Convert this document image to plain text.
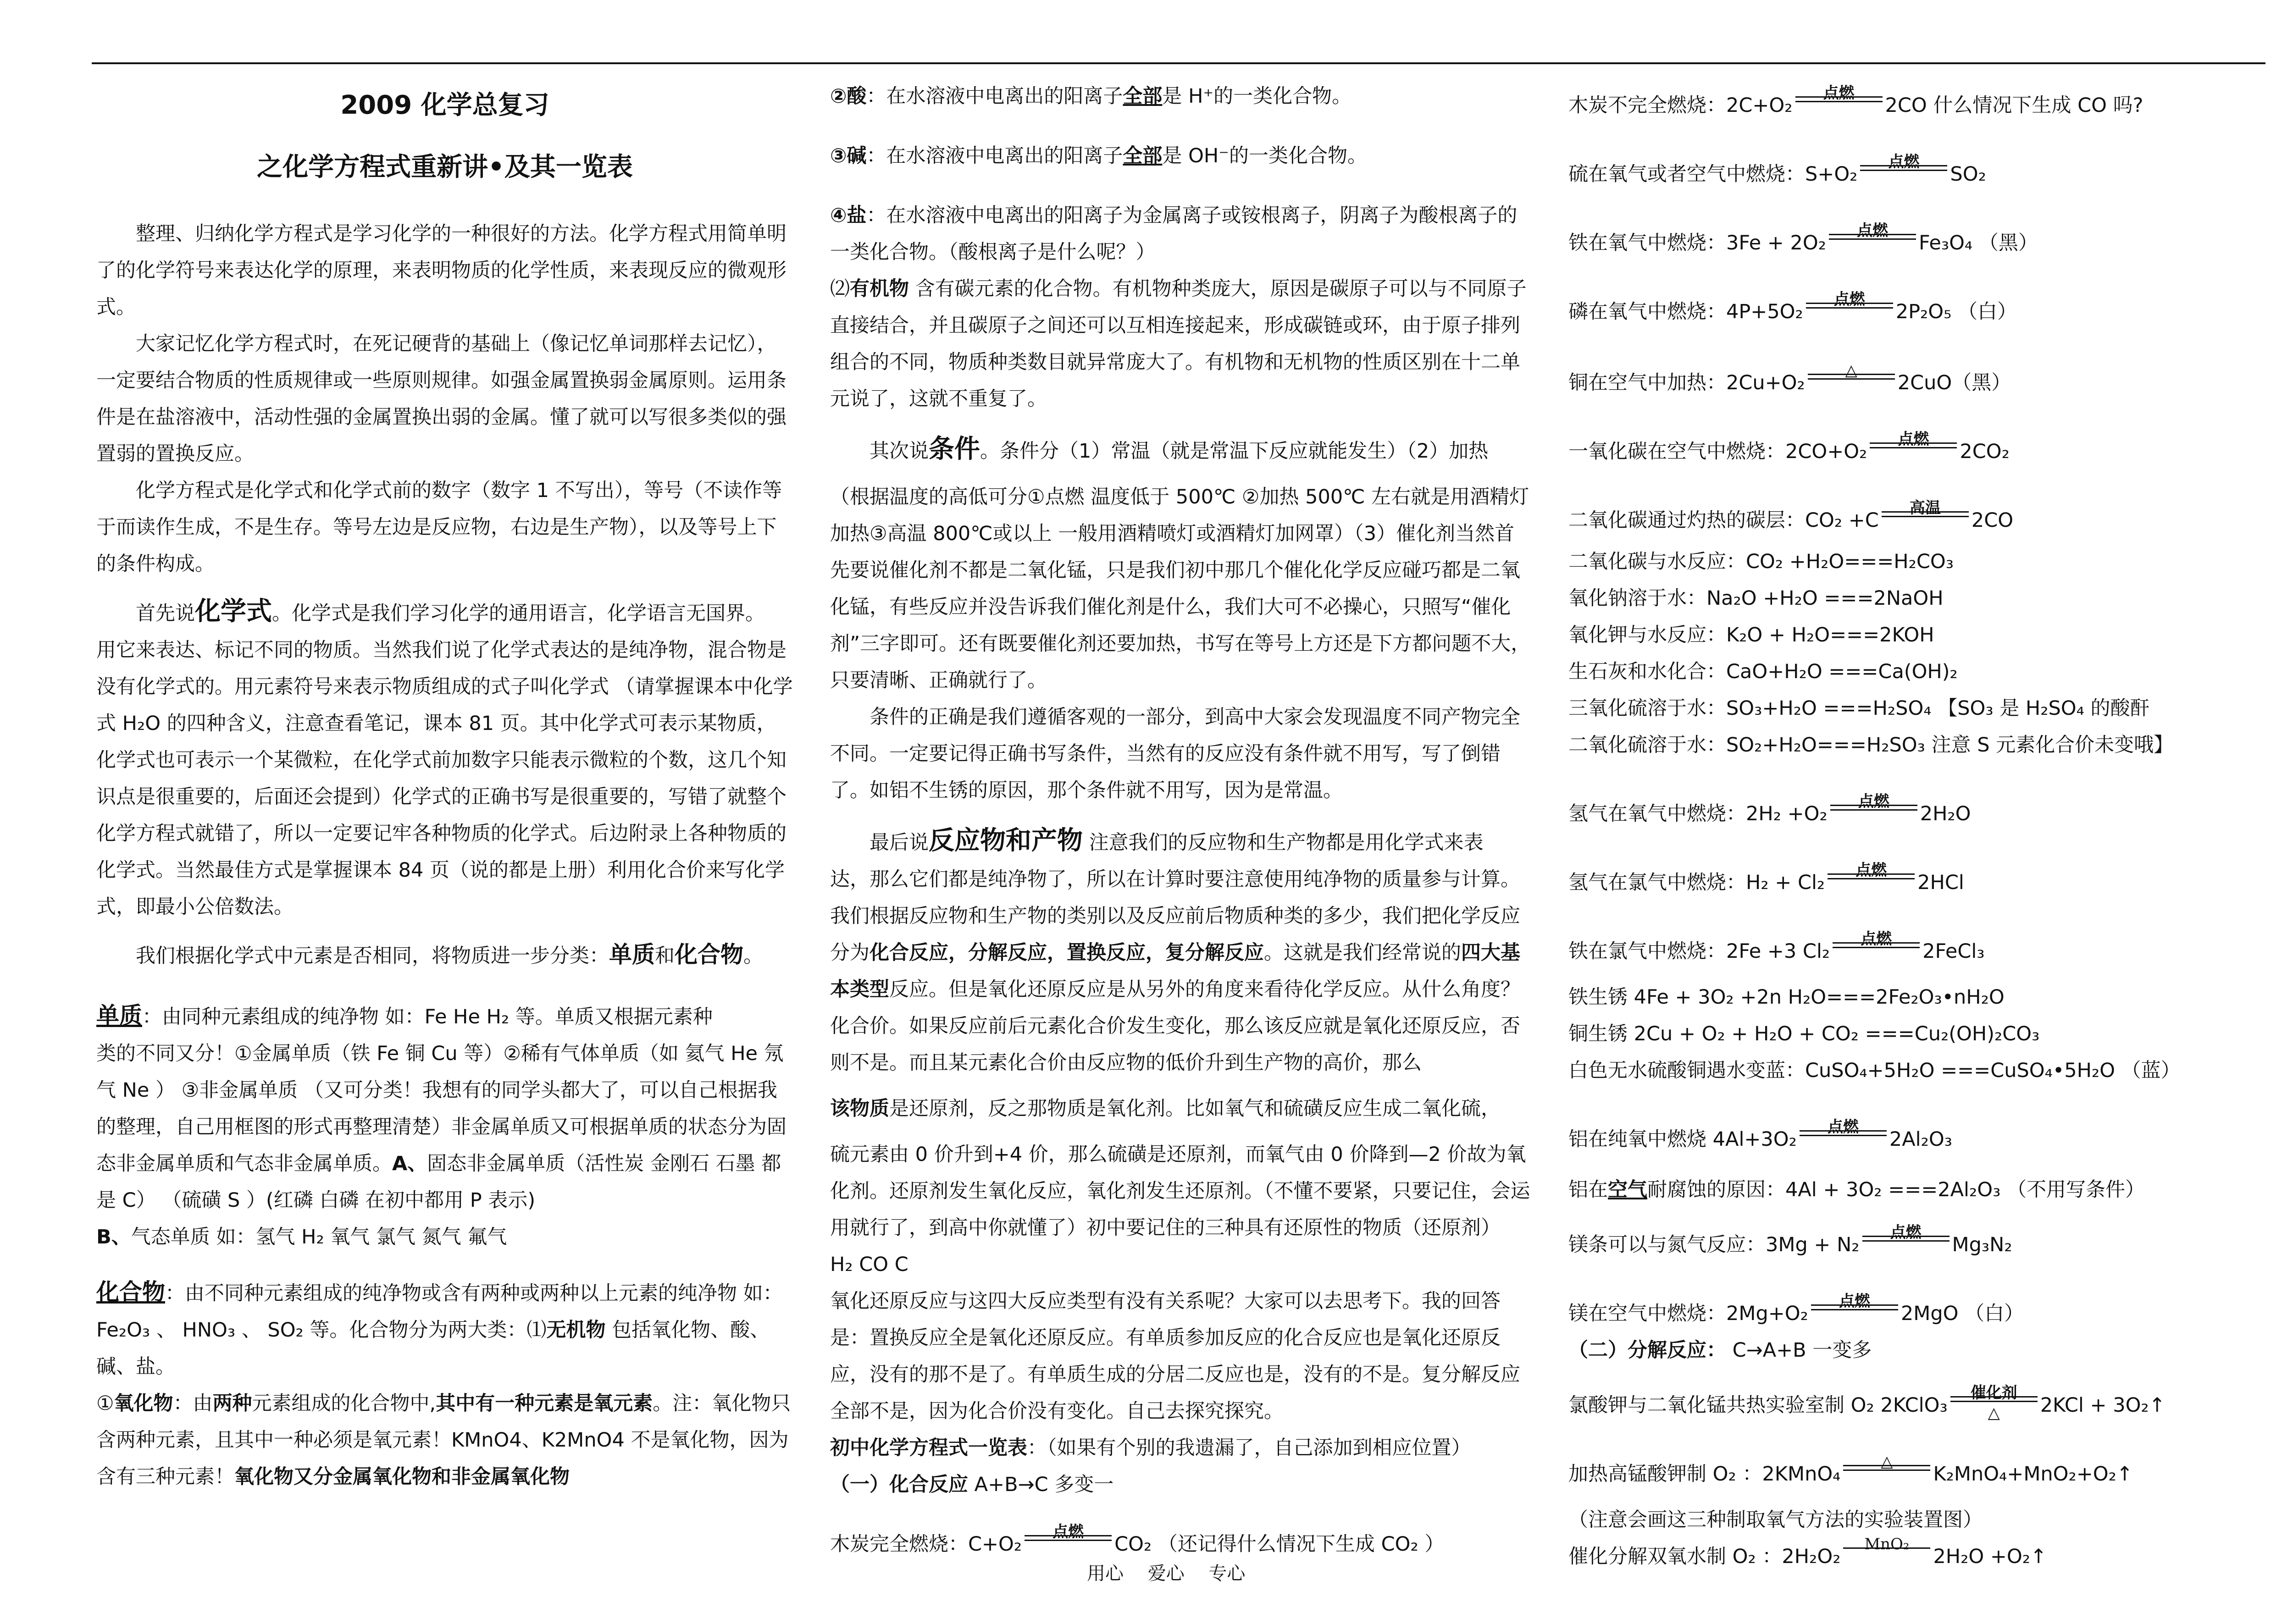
2009 化学总复习

之化学方程式重新讲•及其一览表

整理、归纳化学方程式是学习化学的一种很好的方法。化学方程式用简单明了的化学符号来表达化学的原理，来表明物质的化学性质，来表现反应的微观形式。

大家记忆化学方程式时，在死记硬背的基础上（像记忆单词那样去记忆），一定要结合物质的性质规律或一些原则规律。如强金属置换弱金属原则。运用条件是在盐溶液中，活动性强的金属置换出弱的金属。懂了就可以写很多类似的强置弱的置换反应。

化学方程式是化学式和化学式前的数字（数字 1 不写出），等号（不读作等于而读作生成，不是生存。等号左边是反应物，右边是生产物），以及等号上下的条件构成。

首先说化学式。化学式是我们学习化学的通用语言，化学语言无国界。

用它来表达、标记不同的物质。当然我们说了化学式表达的是纯净物，混合物是没有化学式的。用元素符号来表示物质组成的式子叫化学式 （请掌握课本中化学式 H₂O 的四种含义，注意查看笔记，课本 81 页。其中化学式可表示某物质，化学式也可表示一个某微粒，在化学式前加数字只能表示微粒的个数，这几个知识点是很重要的，后面还会提到）化学式的正确书写是很重要的，写错了就整个化学方程式就错了，所以一定要记牢各种物质的化学式。后边附录上各种物质的化学式。当然最佳方式是掌握课本 84 页（说的都是上册）利用化合价来写化学式，即最小公倍数法。

我们根据化学式中元素是否相同，将物质进一步分类：单质和化合物。

单质：由同种元素组成的纯净物 如：Fe He H₂ 等。单质又根据元素种

类的不同又分！①金属单质（铁 Fe 铜 Cu 等）②稀有气体单质（如 氦气 He 氖气 Ne ） ③非金属单质 （又可分类！我想有的同学头都大了，可以自己根据我的整理，自己用框图的形式再整理清楚）非金属单质又可根据单质的状态分为固态非金属单质和气态非金属单质。A、固态非金属单质（活性炭 金刚石 石墨 都是 C） （硫磺 S ）(红磷 白磷 在初中都用 P 表示)

B、气态单质 如：氢气 H₂ 氧气 氯气 氮气 氟气

化合物：由不同种元素组成的纯净物或含有两种或两种以上元素的纯净物 如：

Fe₂O₃ 、 HNO₃ 、 SO₂ 等。化合物分为两大类：⑴无机物 包括氧化物、酸、碱、盐。

①氧化物：由两种元素组成的化合物中,其中有一种元素是氧元素。注：氧化物只含两种元素，且其中一种必须是氧元素！KMnO4、K2MnO4 不是氧化物，因为含有三种元素！氧化物又分金属氧化物和非金属氧化物

②酸：在水溶液中电离出的阳离子全部是 H⁺的一类化合物。

③碱：在水溶液中电离出的阳离子全部是 OH⁻的一类化合物。

④盐：在水溶液中电离出的阳离子为金属离子或铵根离子，阴离子为酸根离子的一类化合物。（酸根离子是什么呢？）

⑵有机物 含有碳元素的化合物。有机物种类庞大，原因是碳原子可以与不同原子直接结合，并且碳原子之间还可以互相连接起来，形成碳链或环，由于原子排列组合的不同，物质种类数目就异常庞大了。有机物和无机物的性质区别在十二单元说了，这就不重复了。

其次说条件。条件分（1）常温（就是常温下反应就能发生）（2）加热

（根据温度的高低可分①点燃 温度低于 500℃ ②加热 500℃ 左右就是用酒精灯加热③高温 800℃或以上 一般用酒精喷灯或酒精灯加网罩）（3）催化剂当然首先要说催化剂不都是二氧化锰，只是我们初中那几个催化化学反应碰巧都是二氧化锰，有些反应并没告诉我们催化剂是什么，我们大可不必操心，只照写“催化剂”三字即可。还有既要催化剂还要加热，书写在等号上方还是下方都问题不大，只要清晰、正确就行了。

条件的正确是我们遵循客观的一部分，到高中大家会发现温度不同产物完全不同。一定要记得正确书写条件，当然有的反应没有条件就不用写，写了倒错了。如铝不生锈的原因，那个条件就不用写，因为是常温。

最后说反应物和产物 注意我们的反应物和生产物都是用化学式来表

达，那么它们都是纯净物了，所以在计算时要注意使用纯净物的质量参与计算。我们根据反应物和生产物的类别以及反应前后物质种类的多少，我们把化学反应分为化合反应，分解反应，置换反应，复分解反应。这就是我们经常说的四大基本类型反应。但是氧化还原反应是从另外的角度来看待化学反应。从什么角度？化合价。如果反应前后元素化合价发生变化，那么该反应就是氧化还原反应，否则不是。而且某元素化合价由反应物的低价升到生产物的高价，那么

该物质是还原剂，反之那物质是氧化剂。比如氧气和硫磺反应生成二氧化硫，

硫元素由 0 价升到+4 价，那么硫磺是还原剂，而氧气由 0 价降到—2 价故为氧化剂。还原剂发生氧化反应，氧化剂发生还原剂。（不懂不要紧，只要记住，会运用就行了，到高中你就懂了）初中要记住的三种具有还原性的物质（还原剂）

H₂ CO C

氧化还原反应与这四大反应类型有没有关系呢？大家可以去思考下。我的回答是：置换反应全是氧化还原反应。有单质参加反应的化合反应也是氧化还原反应，没有的那不是了。有单质生成的分居二反应也是，没有的不是。复分解反应全部不是，因为化合价没有变化。自己去探究探究。

初中化学方程式一览表：（如果有个别的我遗漏了，自己添加到相应位置）

（一）化合反应 A+B→C 多变一

木炭完全燃烧：C+O₂
点燃
CO₂ （还记得什么情况下生成 CO₂ ）

木炭不完全燃烧：2C+O₂
点燃
2CO 什么情况下生成 CO 吗?

硫在氧气或者空气中燃烧：S+O₂
点燃
SO₂

铁在氧气中燃烧：3Fe + 2O₂
点燃
Fe₃O₄ （黑）

磷在氧气中燃烧：4P+5O₂
点燃
2P₂O₅ （白）

铜在空气中加热：2Cu+O₂
△
2CuO（黑）

一氧化碳在空气中燃烧：2CO+O₂
点燃
2CO₂

二氧化碳通过灼热的碳层：CO₂ +C
高温
2CO

二氧化碳与水反应：CO₂ +H₂O===H₂CO₃

氧化钠溶于水：Na₂O +H₂O ===2NaOH

氧化钾与水反应：K₂O + H₂O===2KOH

生石灰和水化合：CaO+H₂O ===Ca(OH)₂

三氧化硫溶于水：SO₃+H₂O ===H₂SO₄ 【SO₃ 是 H₂SO₄ 的酸酐

二氧化硫溶于水：SO₂+H₂O===H₂SO₃ 注意 S 元素化合价未变哦】

氢气在氧气中燃烧：2H₂ +O₂
点燃
2H₂O

氢气在氯气中燃烧：H₂ + Cl₂
点燃
2HCl

铁在氯气中燃烧：2Fe +3 Cl₂
点燃
2FeCl₃

铁生锈 4Fe + 3O₂ +2n H₂O===2Fe₂O₃•nH₂O

铜生锈 2Cu + O₂ + H₂O + CO₂ ===Cu₂(OH)₂CO₃

白色无水硫酸铜遇水变蓝：CuSO₄+5H₂O ===CuSO₄•5H₂O （蓝）

铝在纯氧中燃烧 4Al+3O₂
点燃
2Al₂O₃

铝在空气耐腐蚀的原因：4Al + 3O₂ ===2Al₂O₃ （不用写条件）

镁条可以与氮气反应：3Mg + N₂
点燃
Mg₃N₂

镁在空气中燃烧：2Mg+O₂
点燃
2MgO （白）

（二）分解反应： C→A+B 一变多

氯酸钾与二氧化锰共热实验室制 O₂ 2KClO₃
催化剂
△	2KCl + 3O₂↑

加热高锰酸钾制 O₂ ：2KMnO₄
△
K₂MnO₄+MnO₂+O₂↑

（注意会画这三种制取氧气方法的实验装置图）

催化分解双氧水制 O₂ ：2H₂O₂
MnO₂
2H₂O +O₂↑

用心 爱心 专心
